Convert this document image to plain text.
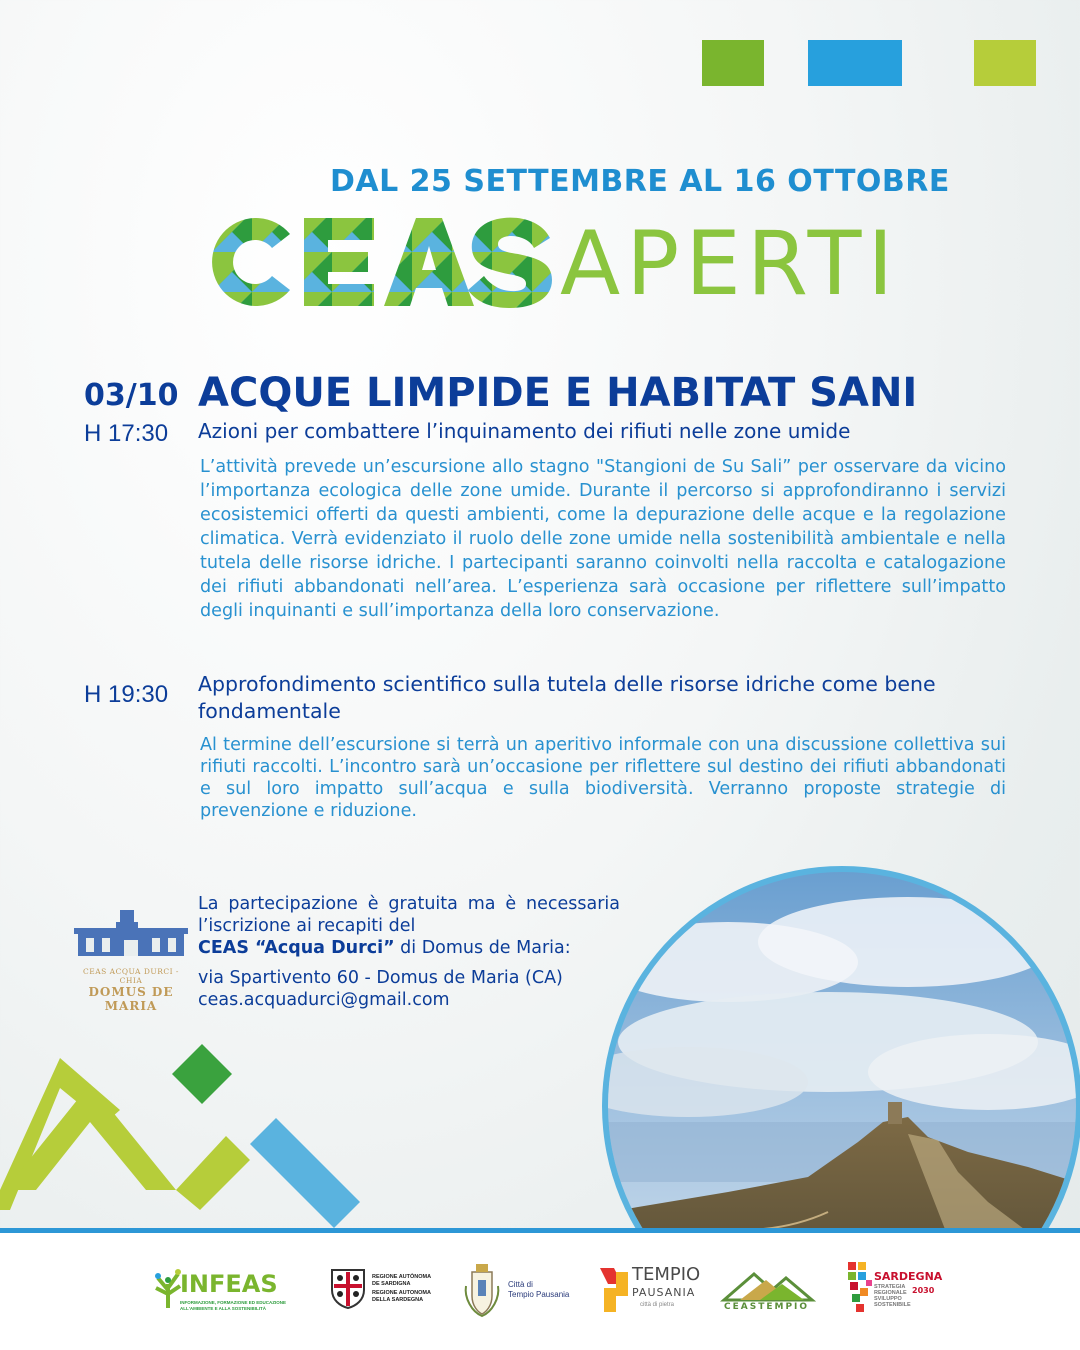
DAL 25 SETTEMBRE AL 16 OTTOBRE
APERTI
03/10 ACQUE LIMPIDE E HABITAT SANI
H 17:30 Azioni per combattere l’inquinamento dei rifiuti nelle zone umide
L’attività prevede un’escursione allo stagno "Stangioni de Su Sali” per osservare da vicino l’importanza ecologica delle zone umide. Durante il percorso si approfondiranno i servizi ecosistemici offerti da questi ambienti, come la depurazione delle acque e la regolazione climatica. Verrà evidenziato il ruolo delle zone umide nella sostenibilità ambientale e nella tutela delle risorse idriche. I partecipanti saranno coinvolti nella raccolta e catalogazione dei rifiuti abbandonati nell’area. L’esperienza sarà occasione per riflettere sull’impatto degli inquinanti e sull’importanza della loro conservazione.
H 19:30 Approfondimento scientifico sulla tutela delle risorse idriche come bene fondamentale
Al termine dell’escursione si terrà un aperitivo informale con una discussione collettiva sui rifiuti raccolti. L’incontro sarà un’occasione per riflettere sul destino dei rifiuti abbandonati e sul loro impatto sull’acqua e sulla biodiversità. Verranno proposte strategie di prevenzione e riduzione.
CEAS ACQUA DURCI - CHIA
DOMUS DE MARIA
La partecipazione è gratuita ma è necessaria l’iscrizione ai recapiti del
CEAS “Acqua Durci” di Domus de Maria:
via Spartivento 60 - Domus de Maria (CA)
ceas.acquadurci@gmail.com
INFEAS
INFORMAZIONE, FORMAZIONE ED EDUCAZIONE ALL'AMBIENTE E ALLA SOSTENIBILITÀ
REGIONE AUTÒNOMA DE SARDIGNA
REGIONE AUTONOMA DELLA SARDEGNA
Città di
Tempio Pausania
TEMPIO
PAUSANIA
città di pietra	CEASTEMPIO
SARDEGNA
STRATEGIA
REGIONALE
SVILUPPO
SOSTENIBILE
2030
